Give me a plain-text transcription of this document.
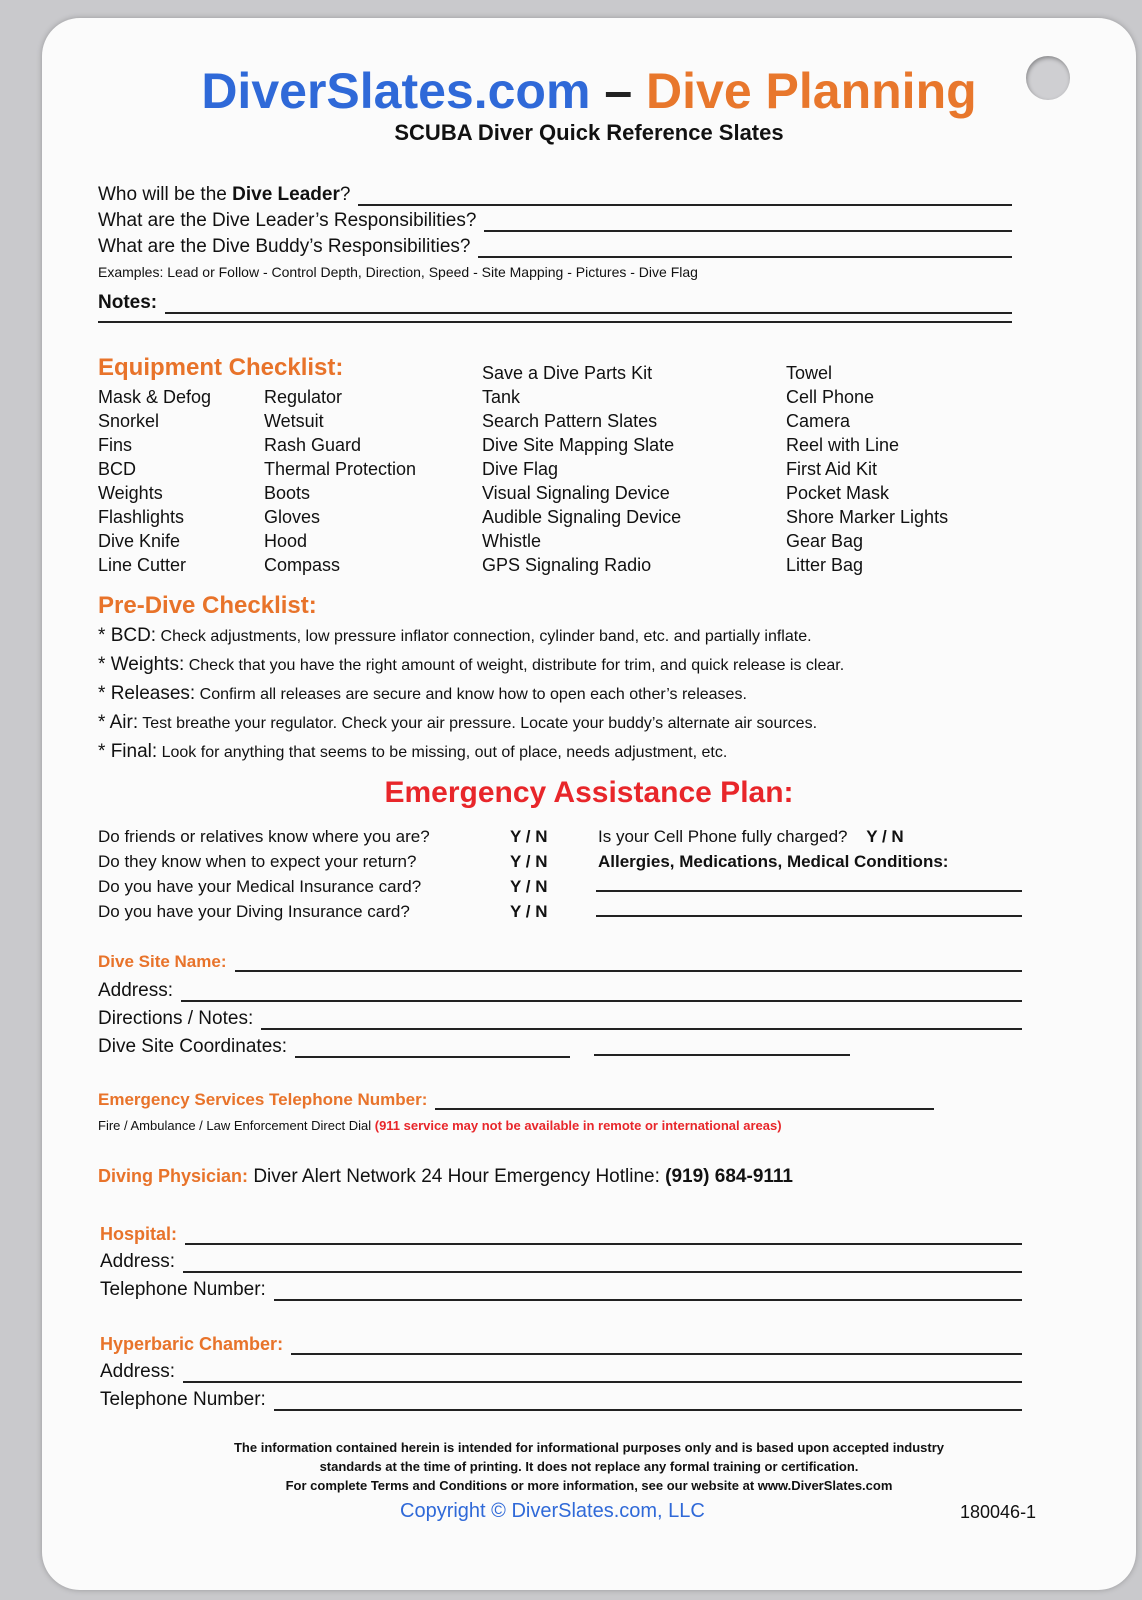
DiverSlates.com – Dive Planning
SCUBA Diver Quick Reference Slates
Who will be the Dive Leader?
What are the Dive Leader’s Responsibilities?
What are the Dive Buddy’s Responsibilities?
Examples: Lead or Follow - Control Depth, Direction, Speed - Site Mapping - Pictures - Dive Flag
Notes:
Equipment Checklist:
Mask & Defog
Snorkel
Fins
BCD
Weights
Flashlights
Dive Knife
Line Cutter
Regulator
Wetsuit
Rash Guard
Thermal Protection
Boots
Gloves
Hood
Compass
Save a Dive Parts Kit
Tank
Search Pattern Slates
Dive Site Mapping Slate
Dive Flag
Visual Signaling Device
Audible Signaling Device
Whistle
GPS Signaling Radio
Towel
Cell Phone
Camera
Reel with Line
First Aid Kit
Pocket Mask
Shore Marker Lights
Gear Bag
Litter Bag
Pre-Dive Checklist:
* BCD: Check adjustments, low pressure inflator connection, cylinder band, etc. and partially inflate.
* Weights: Check that you have the right amount of weight, distribute for trim, and quick release is clear.
* Releases: Confirm all releases are secure and know how to open each other’s releases.
* Air: Test breathe your regulator. Check your air pressure. Locate your buddy’s alternate air sources.
* Final: Look for anything that seems to be missing, out of place, needs adjustment, etc.
Emergency Assistance Plan:
Do friends or relatives know where you are?	Y / N
Do they know when to expect your return?	Y / N
Do you have your Medical Insurance card?	Y / N
Do you have your Diving Insurance card?	Y / N
Is your Cell Phone fully charged? Y / N
Allergies, Medications, Medical Conditions:
Dive Site Name:
Address:
Directions / Notes:
Dive Site Coordinates:
Emergency Services Telephone Number:
Fire / Ambulance / Law Enforcement Direct Dial (911 service may not be available in remote or international areas)
Diving Physician: Diver Alert Network 24 Hour Emergency Hotline: (919) 684-9111
Hospital:
Address:
Telephone Number:
Hyperbaric Chamber:
Address:
Telephone Number:
The information contained herein is intended for informational purposes only and is based upon accepted industry
standards at the time of printing. It does not replace any formal training or certification.
For complete Terms and Conditions or more information, see our website at www.DiverSlates.com
Copyright © DiverSlates.com, LLC	180046-1
